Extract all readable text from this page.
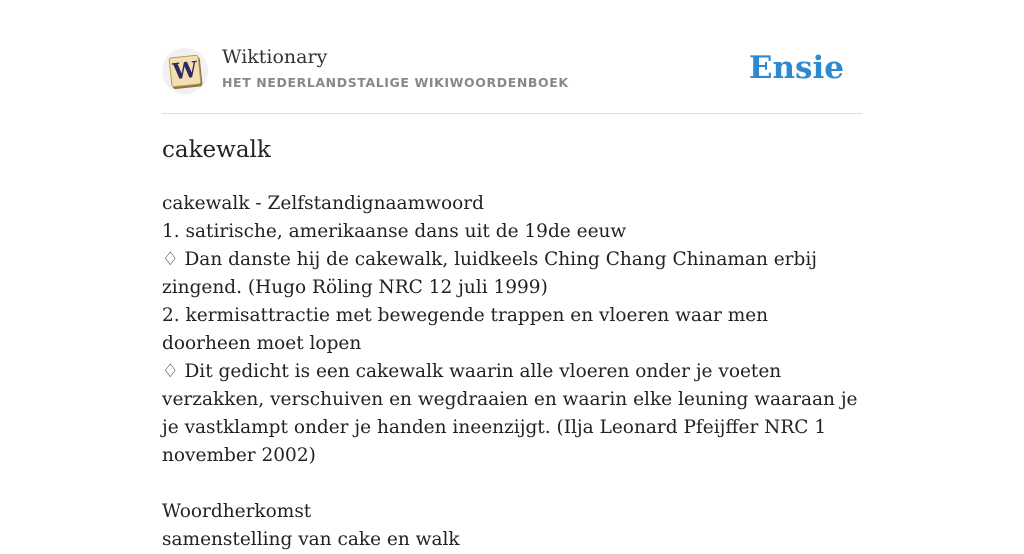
W Wiktionary
HET NEDERLANDSTALIGE WIKIWOORDENBOEK	Ensie
cakewalk

cakewalk - Zelfstandignaamwoord

1. satirische, amerikaanse dans uit de 19de eeuw

♢ Dan danste hij de cakewalk, luidkeels Ching Chang Chinaman erbij zingend. (Hugo Röling NRC 12 juli 1999)

2. kermisattractie met bewegende trappen en vloeren waar men doorheen moet lopen

♢ Dit gedicht is een cakewalk waarin alle vloeren onder je voeten verzakken, verschuiven en wegdraaien en waarin elke leuning waaraan je je vastklampt onder je handen ineenzijgt. (Ilja Leonard Pfeijffer NRC 1 november 2002)

Woordherkomst

samenstelling van cake en walk
